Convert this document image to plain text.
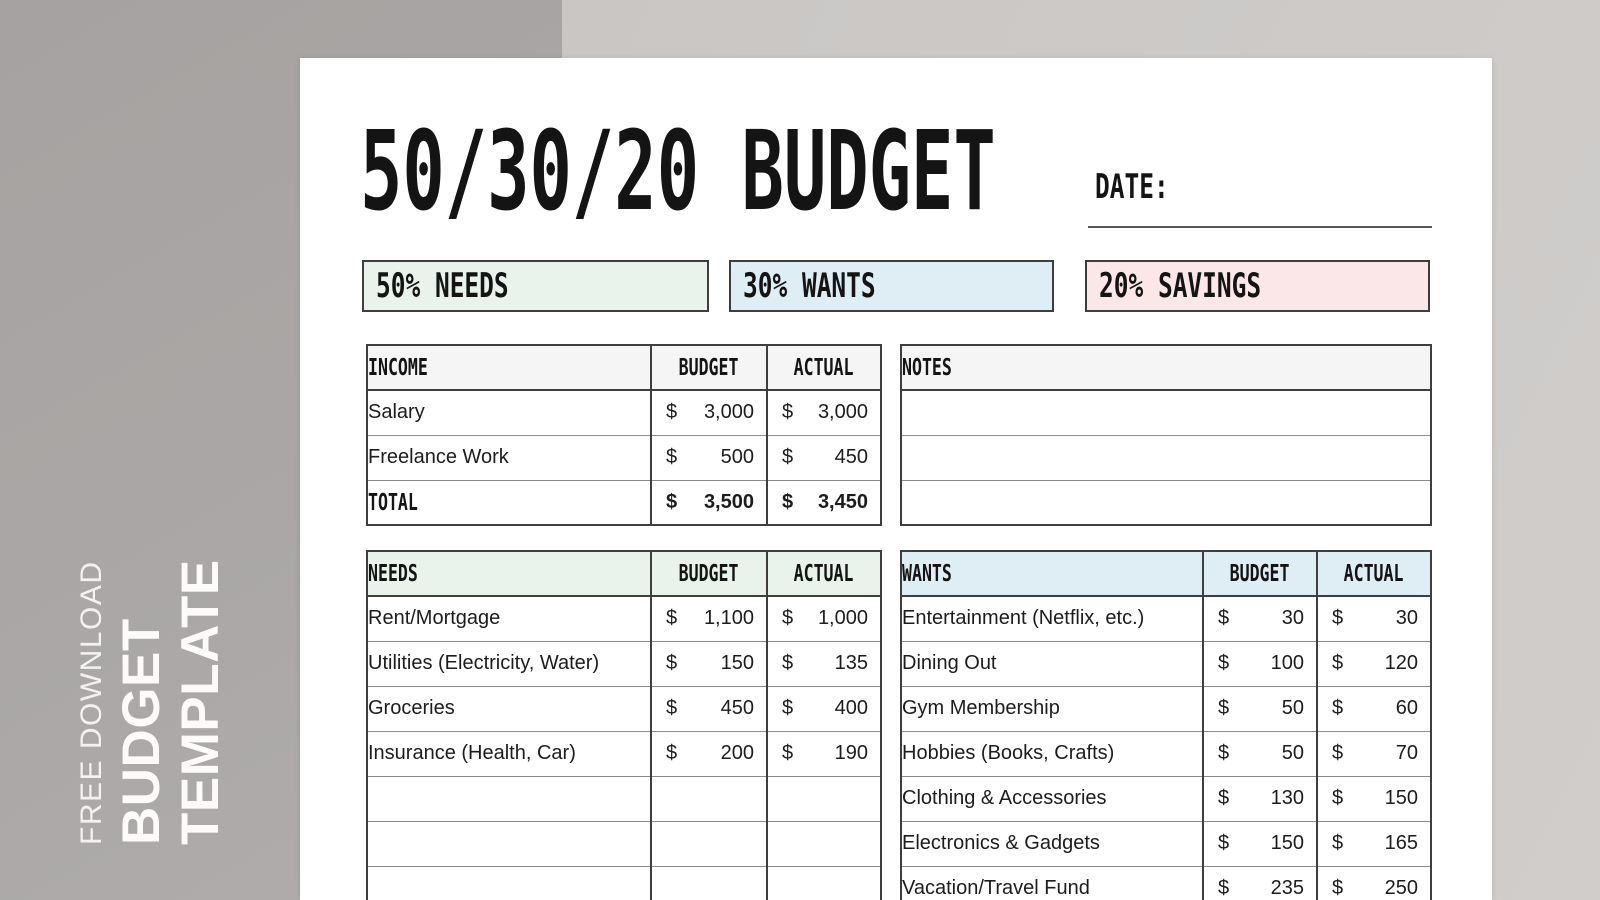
FREE DOWNLOAD BUDGET TEMPLATE
50/30/20 BUDGET	DATE:
50% NEEDS	30% WANTS	20% SAVINGS
INCOME	BUDGET	ACTUAL
Salary	$ 3,000	$ 3,000

Freelance Work	$ 500	$ 450

TOTAL	$ 3,500	$ 3,450
NOTES

NEEDS	BUDGET	ACTUAL
Rent/Mortgage	$ 1,100	$ 1,000

Utilities (Electricity, Water)	$ 150	$ 135

Groceries	$ 450	$ 400

Insurance (Health, Car)	$ 200	$ 190

WANTS	BUDGET	ACTUAL
Entertainment (Netflix, etc.)	$ 30	$ 30

Dining Out	$ 100	$ 120

Gym Membership	$ 50	$ 60

Hobbies (Books, Crafts)	$ 50	$ 70

Clothing & Accessories	$ 130	$ 150

Electronics & Gadgets	$ 150	$ 165

Vacation/Travel Fund	$ 235	$ 250
